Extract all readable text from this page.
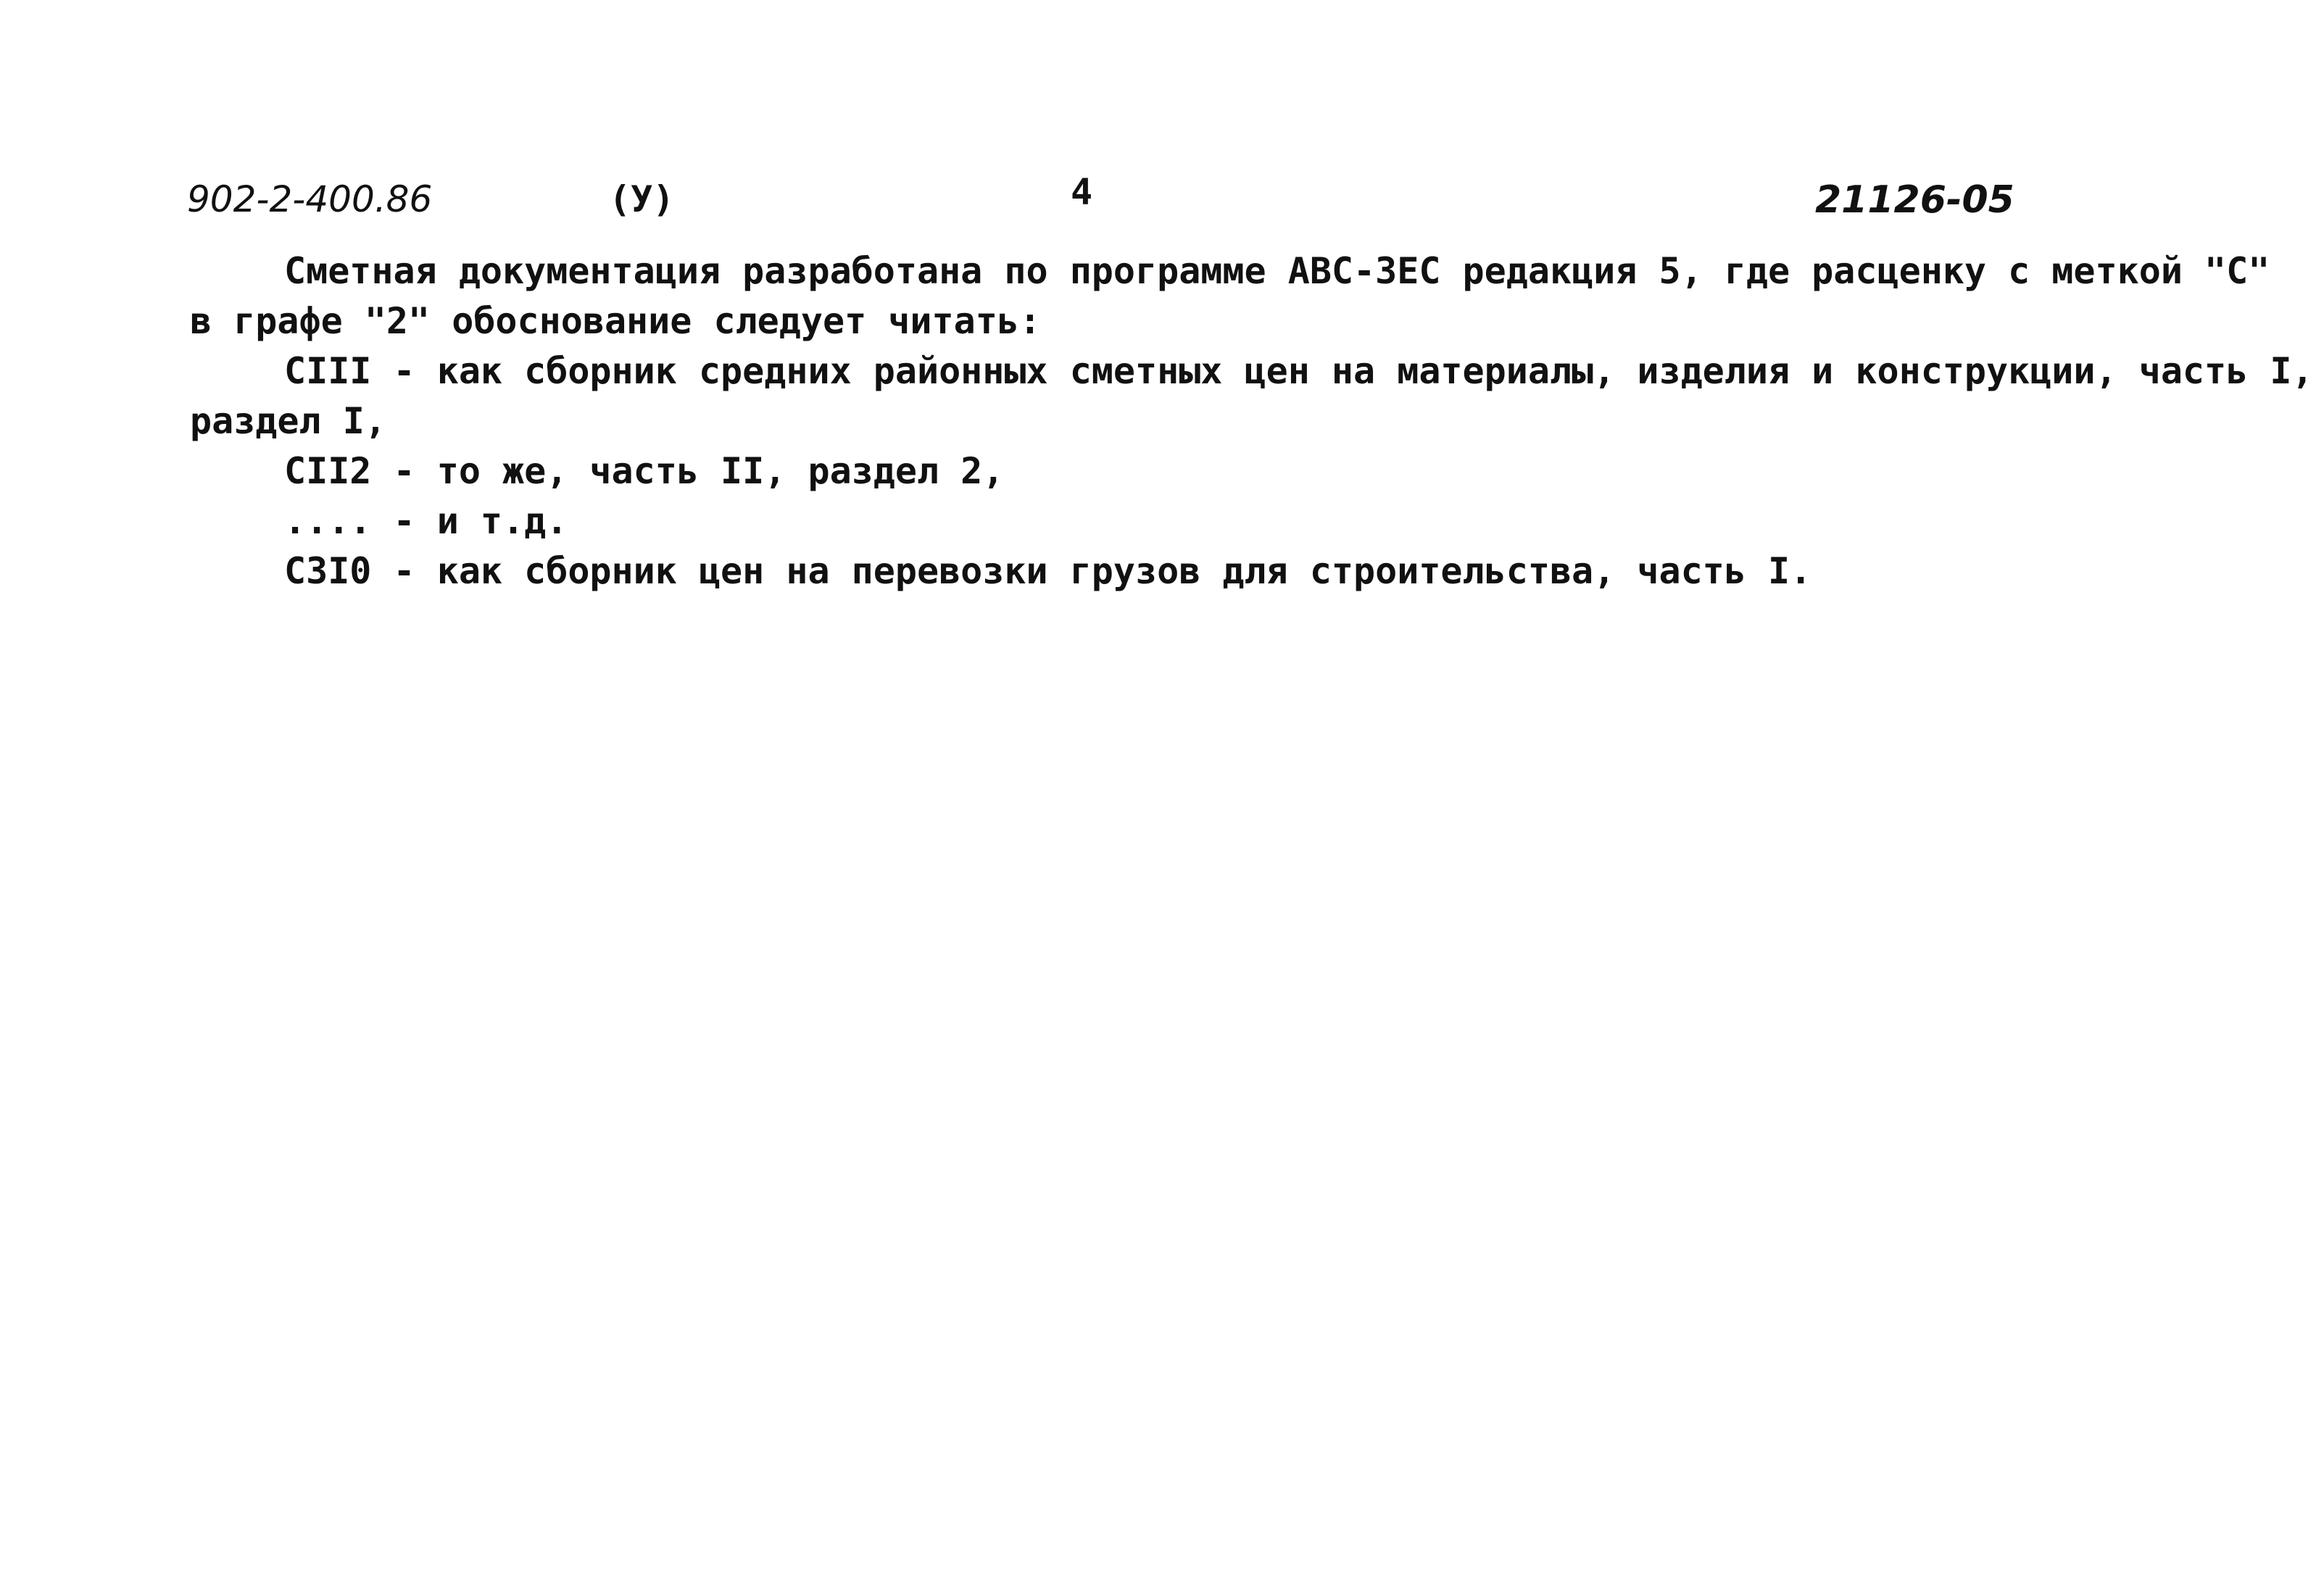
902-2-400.86	(У)	4	21126-05
Сметная документация разработана по программе АВС-ЗЕС редакция 5, где расценку с меткой "С"
в графе "2" обоснование следует читать:
CIII - как сборник средних районных сметных цен на материалы, изделия и конструкции, часть I,
раздел I,
CII2 - то же, часть II, раздел 2,
.... - и т.д.
C3I0 - как сборник цен на перевозки грузов для строительства, часть I.
